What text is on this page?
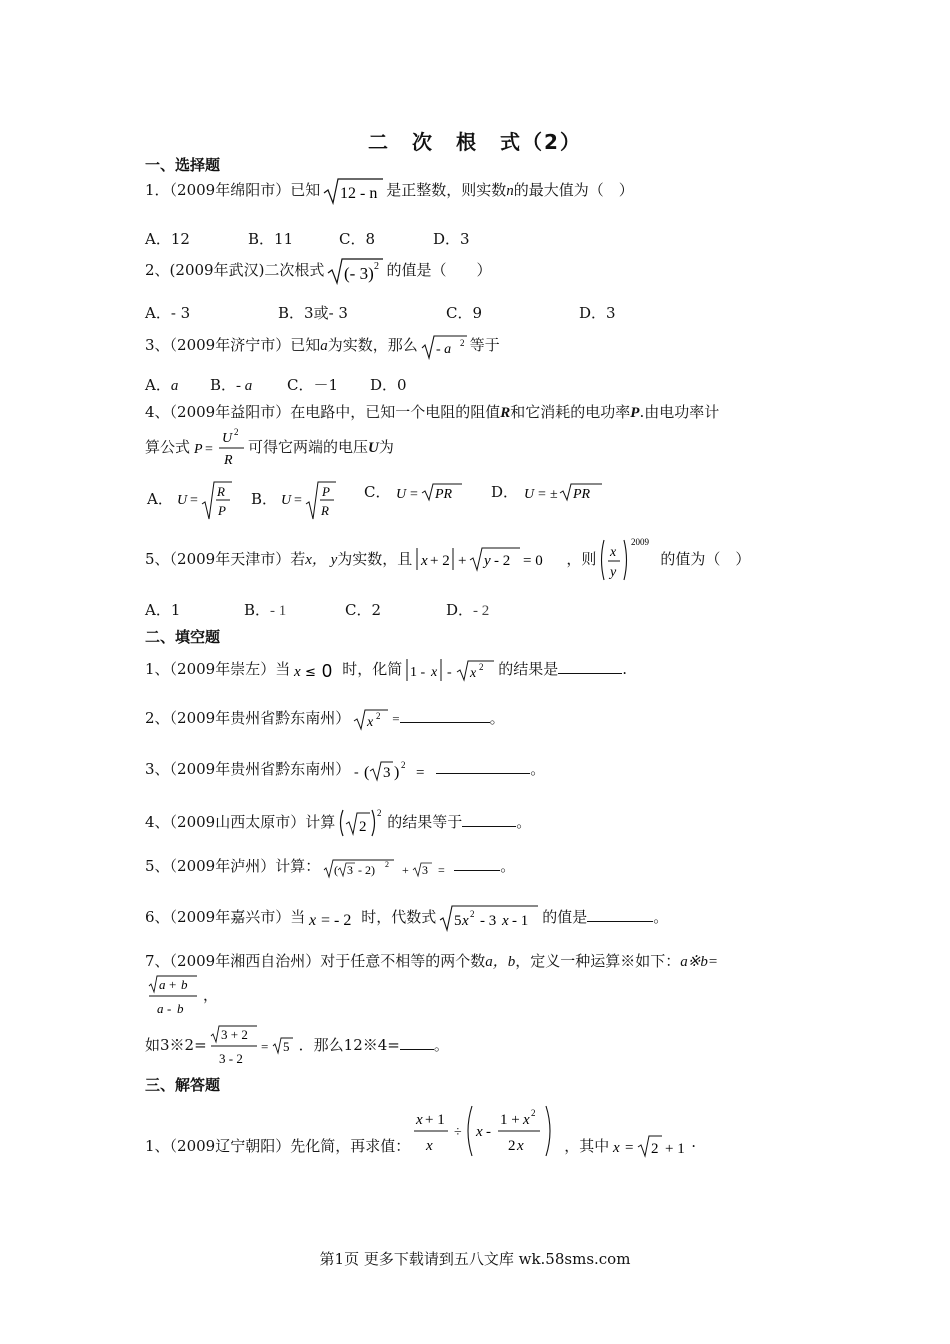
二　次　根　式（2）
一、选择题
1．（2009年绵阳市）已知 12 - n 是正整数，则实数n的最大值为（　）
A．12	B．11	C．8	D．3
2、(2009年武汉)二次根式 (- 3) 2 的值是（　　）
A．- 3	B．3或- 3	C．9	D．3
3、（2009年济宁市）已知a为实数，那么 - a 2 等于
A．a B．- a C．－1 D．0
4、（2009年益阳市）在电路中，已知一个电阻的阻值R和它消耗的电功率P.由电功率计
算公式 P =
U 2
R
可得它两端的电压U为
A． U =
R
P
B． U =
P
R
C． U = PR	D． U = ± PR
5、（2009年天津市）若x， y为实数，且 x + 2 + y - 2 = 0 ，则 x
y
2009
的值为（　）
A．1	B．- 1	C．2	D．- 2
二、填空题
1、（2009年崇左）当 x ≤ 0 时，化简 1 - x - x 2 的结果是	.
2、（2009年贵州省黔东南州） x 2 =	。
3、（2009年贵州省黔东南州） - ( 3 ) 2 =	。
4、（2009山西太原市）计算 2
2 的结果等于	。
5、（2009年泸州）计算： ( 3 - 2) 2 + 3 =	。
6、（2009年嘉兴市）当 x = - 2 时，代数式 5 x 2 - 3 x - 1 的值是	。
7、（2009年湘西自治州）对于任意不相等的两个数a，b，定义一种运算※如下：a※b=
a + b
a - b
，
如3※2=
3 + 2
3 - 2
= 5 ．那么12※4= 。
三、解答题
1、（2009辽宁朝阳）先化简，再求值：
x + 1
x
÷ x -
1 + x 2
2 x	，其中 x = 2 + 1 .
第1页 更多下载请到五八文库 wk.58sms.com
